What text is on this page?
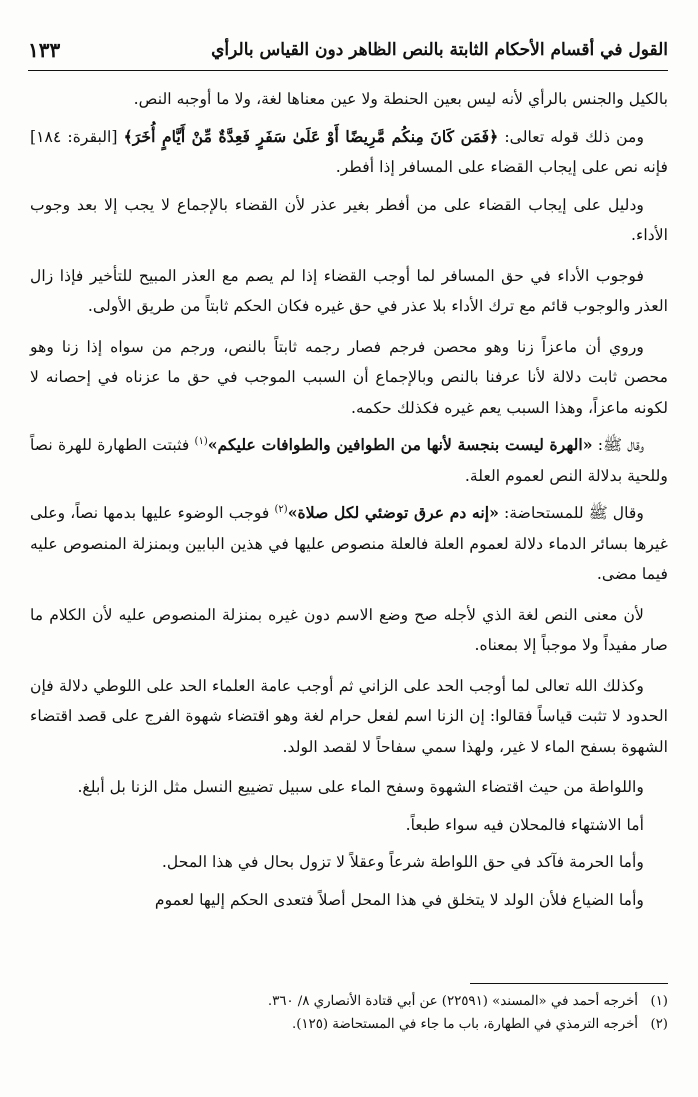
القول في أقسام الأحكام الثابتة بالنص الظاهر دون القياس بالرأي
١٣٣

بالكيل والجنس بالرأي لأنه ليس بعين الحنطة ولا عين معناها لغة، ولا ما أوجبه النص.

ومن ذلك قوله تعالى: ﴿فَمَن كَانَ مِنكُم مَّرِيضًا أَوْ عَلَىٰ سَفَرٍ فَعِدَّةٌ مِّنْ أَيَّامٍ أُخَرَ﴾ [البقرة: ١٨٤] فإنه نص على إيجاب القضاء على المسافر إذا أفطر.

ودليل على إيجاب القضاء على من أفطر بغير عذر لأن القضاء بالإجماع لا يجب إلا بعد وجوب الأداء.

فوجوب الأداء في حق المسافر لما أوجب القضاء إذا لم يصم مع العذر المبيح للتأخير فإذا زال العذر والوجوب قائم مع ترك الأداء بلا عذر في حق غيره فكان الحكم ثابتاً من طريق الأولى.

وروي أن ماعزاً زنا وهو محصن فرجم فصار رجمه ثابتاً بالنص، ورجم من سواه إذا زنا وهو محصن ثابت دلالة لأنا عرفنا بالنص وبالإجماع أن السبب الموجب في حق ما عزناه في إحصانه لا لكونه ماعزاً، وهذا السبب يعم غيره فكذلك حكمه.

وقال ﷺ: «الهرة ليست بنجسة لأنها من الطوافين والطوافات عليكم»$^{(١)}$ فثبتت الطهارة للهرة نصاً وللحية بدلالة النص لعموم العلة.

وقال ﷺ للمستحاضة: «إنه دم عرق توضئي لكل صلاة»$^{(٢)}$ فوجب الوضوء عليها بدمها نصاً، وعلى غيرها بسائر الدماء دلالة لعموم العلة فالعلة منصوص عليها في هذين البابين وبمنزلة المنصوص عليه فيما مضى.

لأن معنى النص لغة الذي لأجله صح وضع الاسم دون غيره بمنزلة المنصوص عليه لأن الكلام ما صار مفيداً ولا موجباً إلا بمعناه.

وكذلك الله تعالى لما أوجب الحد على الزاني ثم أوجب عامة العلماء الحد على اللوطي دلالة فإن الحدود لا تثبت قياساً فقالوا: إن الزنا اسم لفعل حرام لغة وهو اقتضاء شهوة الفرج على قصد اقتضاء الشهوة بسفح الماء لا غير، ولهذا سمي سفاحاً لا لقصد الولد.

واللواطة من حيث اقتضاء الشهوة وسفح الماء على سبيل تضييع النسل مثل الزنا بل أبلغ.

أما الاشتهاء فالمحلان فيه سواء طبعاً.

وأما الحرمة فآكد في حق اللواطة شرعاً وعقلاً لا تزول بحال في هذا المحل.

وأما الضياع فلأن الولد لا يتخلق في هذا المحل أصلاً فتعدى الحكم إليها لعموم

(١)
أخرجه أحمد في «المسند» (٢٢٥٩١) عن أبي قتادة الأنصاري ٨/ ٣٦٠.
(٢)
أخرجه الترمذي في الطهارة، باب ما جاء في المستحاضة (١٢٥).
